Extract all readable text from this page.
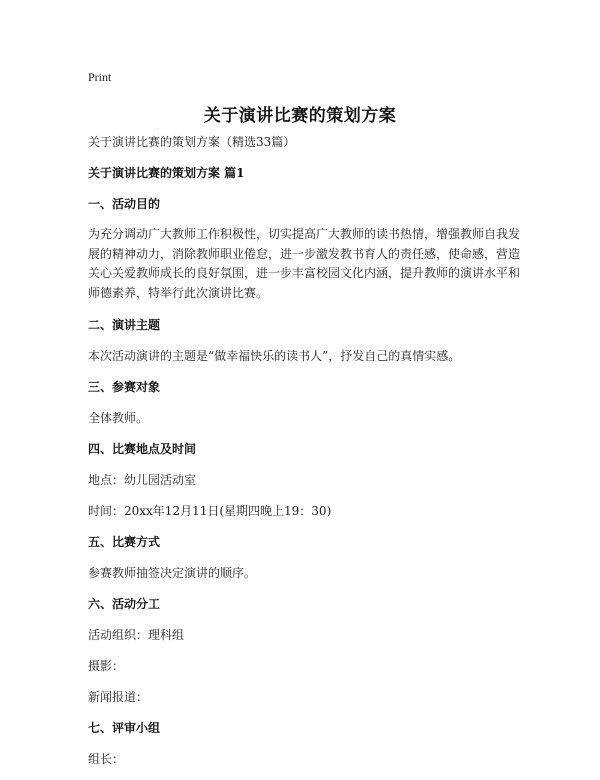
Print
关于演讲比赛的策划方案
关于演讲比赛的策划方案（精选33篇）
关于演讲比赛的策划方案 篇1
一、活动目的
为充分调动广大教师工作积极性，切实提高广大教师的读书热情，增强教师自我发展的精神动力，消除教师职业倦怠，进一步激发教书育人的责任感，使命感，营造关心关爱教师成长的良好氛围，进一步丰富校园文化内涵，提升教师的演讲水平和师德素养，特举行此次演讲比赛。
二、演讲主题
本次活动演讲的主题是“做幸福快乐的读书人”，抒发自己的真情实感。
三、参赛对象
全体教师。
四、比赛地点及时间
地点：幼儿园活动室
时间：20xx年12月11日(星期四晚上19：30)
五、比赛方式
参赛教师抽签决定演讲的顺序。
六、活动分工
活动组织：理科组
摄影：
新闻报道：
七、评审小组
组长：
